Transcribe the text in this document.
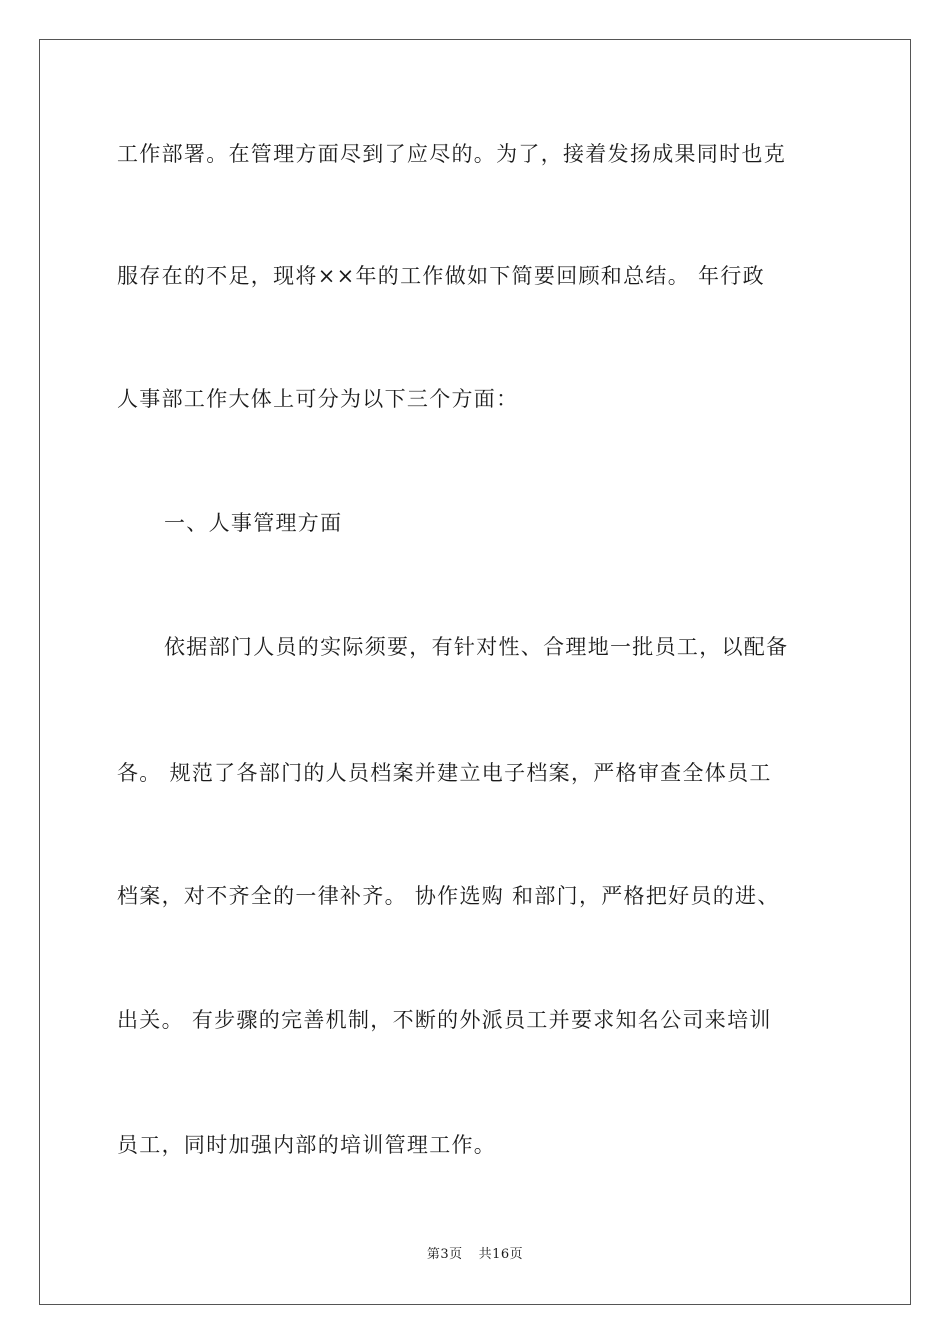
工作部署。在管理方面尽到了应尽的。为了，接着发扬成果同时也克
服存在的不足，现将××年的工作做如下简要回顾和总结。 年行政
人事部工作大体上可分为以下三个方面：
一、人事管理方面
依据部门人员的实际须要，有针对性、合理地一批员工，以配备
各。 规范了各部门的人员档案并建立电子档案，严格审查全体员工
档案，对不齐全的一律补齐。 协作选购 和部门，严格把好员的进、
出关。 有步骤的完善机制，不断的外派员工并要求知名公司来培训
员工，同时加强内部的培训管理工作。
第3页 共16页
